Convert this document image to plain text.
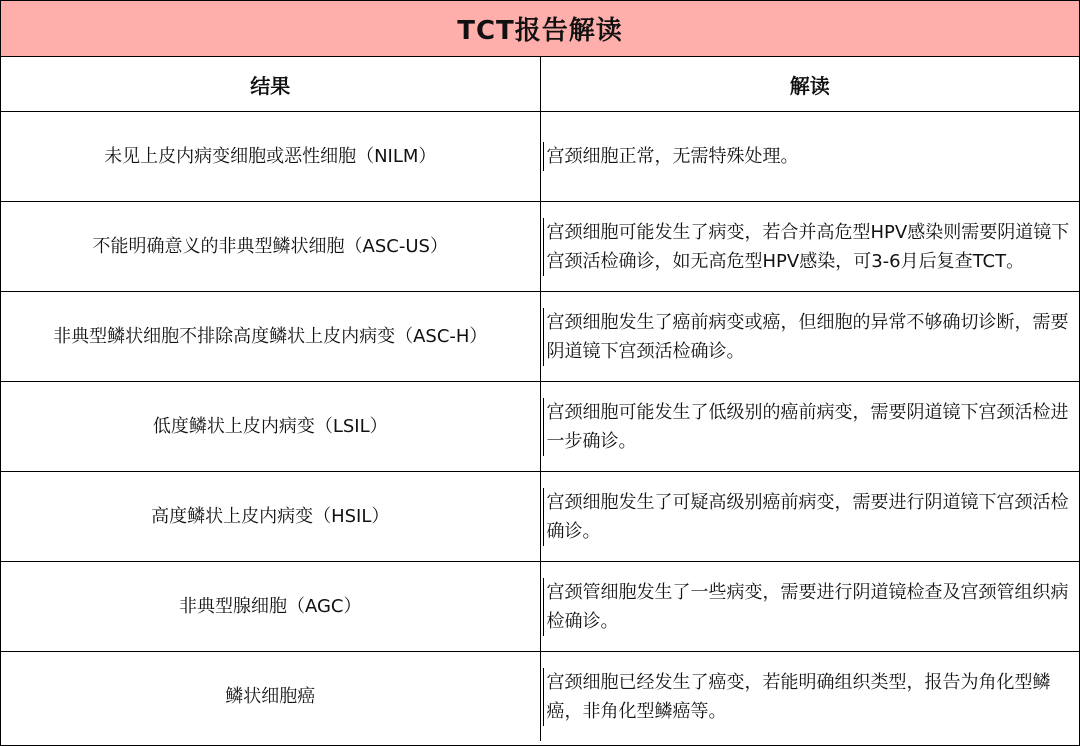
TCT报告解读
结果	解读
未见上皮内病变细胞或恶性细胞（NILM）	宫颈细胞正常，无需特殊处理。

不能明确意义的非典型鳞状细胞（ASC-US）	宫颈细胞可能发生了病变，若合并高危型HPV感染则需要阴道镜下宫颈活检确诊，如无高危型HPV感染，可3-6月后复查TCT。

非典型鳞状细胞不排除高度鳞状上皮内病变（ASC-H）	宫颈细胞发生了癌前病变或癌，但细胞的异常不够确切诊断，需要阴道镜下宫颈活检确诊。

低度鳞状上皮内病变（LSIL）	宫颈细胞可能发生了低级别的癌前病变，需要阴道镜下宫颈活检进一步确诊。

高度鳞状上皮内病变（HSIL）	宫颈细胞发生了可疑高级别癌前病变，需要进行阴道镜下宫颈活检确诊。

非典型腺细胞（AGC）	宫颈管细胞发生了一些病变，需要进行阴道镜检查及宫颈管组织病检确诊。

鳞状细胞癌	宫颈细胞已经发生了癌变，若能明确组织类型，报告为角化型鳞癌，非角化型鳞癌等。
